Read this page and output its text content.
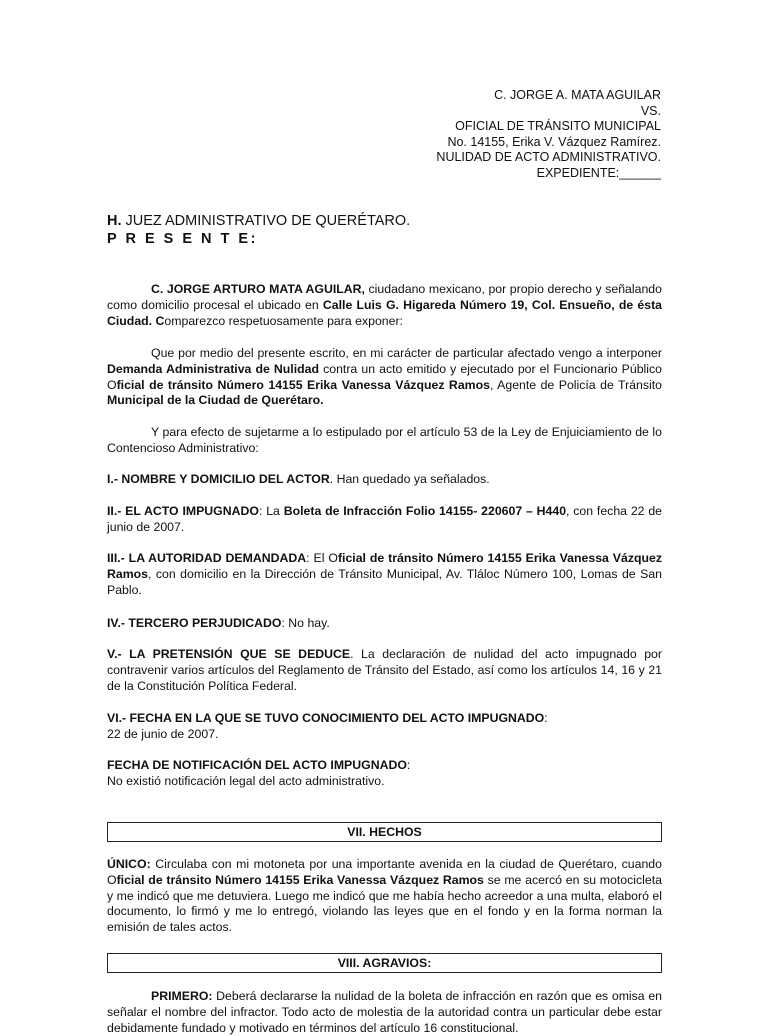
C. JORGE A. MATA AGUILAR
VS.
OFICIAL DE TRÁNSITO MUNICIPAL
No. 14155, Erika V. Vázquez Ramírez.
NULIDAD DE ACTO ADMINISTRATIVO.
EXPEDIENTE:______
H. JUEZ ADMINISTRATIVO DE QUERÉTARO.
P R E S E N T E:

C. JORGE ARTURO MATA AGUILAR, ciudadano mexicano, por propio derecho y señalando como domicilio procesal el ubicado en Calle Luis G. Higareda Número 19, Col. Ensueño, de ésta Ciudad. Comparezco respetuosamente para exponer:

Que por medio del presente escrito, en mi carácter de particular afectado vengo a interponer Demanda Administrativa de Nulidad contra un acto emitido y ejecutado por el Funcionario Público Oficial de tránsito Número 14155 Erika Vanessa Vázquez Ramos, Agente de Policía de Tránsito Municipal de la Ciudad de Querétaro.

Y para efecto de sujetarme a lo estipulado por el artículo 53 de la Ley de Enjuiciamiento de lo Contencioso Administrativo:

I.- NOMBRE Y DOMICILIO DEL ACTOR. Han quedado ya señalados.

II.- EL ACTO IMPUGNADO: La Boleta de Infracción Folio 14155- 220607 – H440, con fecha 22 de junio de 2007.

III.- LA AUTORIDAD DEMANDADA: El Oficial de tránsito Número 14155 Erika Vanessa Vázquez Ramos, con domicilio en la Dirección de Tránsito Municipal, Av. Tláloc Número 100, Lomas de San Pablo.

IV.- TERCERO PERJUDICADO: No hay.

V.- LA PRETENSIÓN QUE SE DEDUCE. La declaración de nulidad del acto impugnado por contravenir varios artículos del Reglamento de Tránsito del Estado, así como los artículos 14, 16 y 21 de la Constitución Política Federal.

VI.- FECHA EN LA QUE SE TUVO CONOCIMIENTO DEL ACTO IMPUGNADO:

22 de junio de 2007.

FECHA DE NOTIFICACIÓN DEL ACTO IMPUGNADO:

No existió notificación legal del acto administrativo.

VII. HECHOS

ÚNICO: Circulaba con mi motoneta por una importante avenida en la ciudad de Querétaro, cuando Oficial de tránsito Número 14155 Erika Vanessa Vázquez Ramos se me acercó en su motocicleta y me indicó que me detuviera. Luego me indicó que me había hecho acreedor a una multa, elaboró el documento, lo firmó y me lo entregó, violando las leyes que en el fondo y en la forma norman la emisión de tales actos.

VIII. AGRAVIOS:

PRIMERO: Deberá declararse la nulidad de la boleta de infracción en razón que es omisa en señalar el nombre del infractor. Todo acto de molestia de la autoridad contra un particular debe estar debidamente fundado y motivado en términos del artículo 16 constitucional.
